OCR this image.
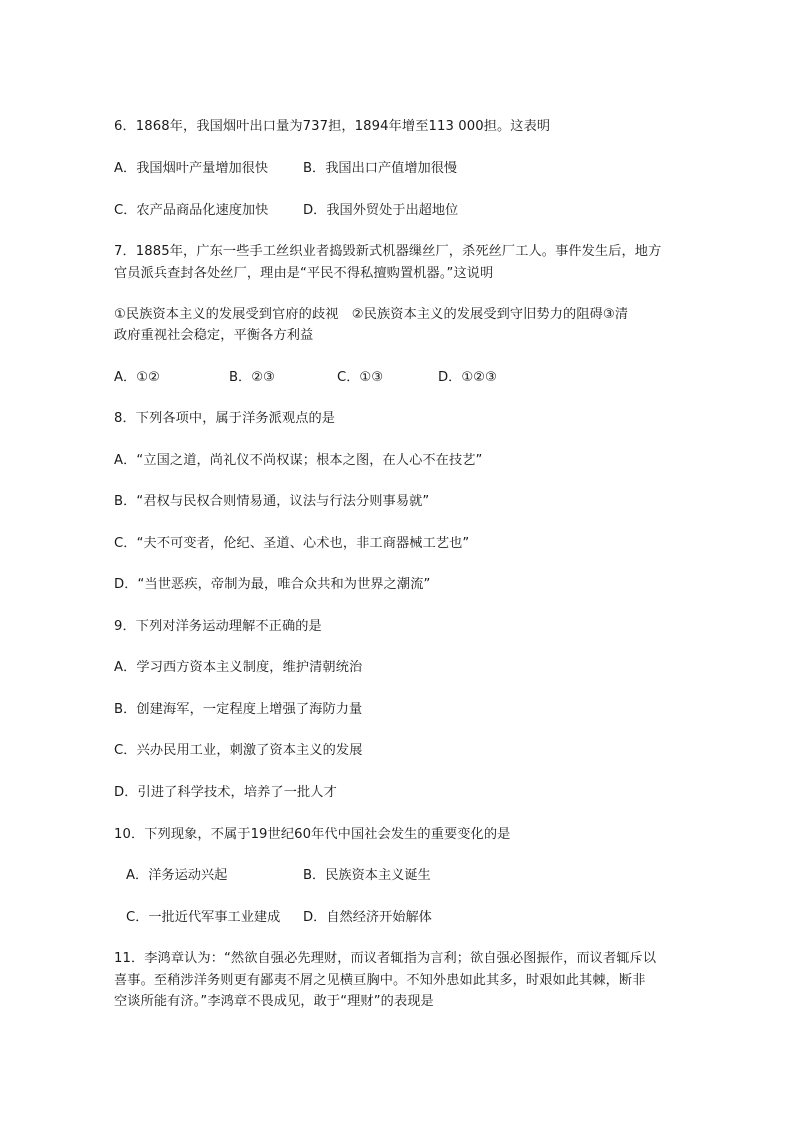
6．1868年，我国烟叶出口量为737担，1894年增至113 000担。这表明
A．我国烟叶产量增加很快	B．我国出口产值增加很慢
C．农产品商品化速度加快	D．我国外贸处于出超地位
7．1885年，广东一些手工丝织业者捣毁新式机器缫丝厂，杀死丝厂工人。事件发生后，地方
官员派兵查封各处丝厂，理由是“平民不得私擅购置机器。”这说明
①民族资本主义的发展受到官府的歧视　②民族资本主义的发展受到守旧势力的阻碍③清
政府重视社会稳定，平衡各方利益
A．①②	B．②③	C．①③	D．①②③
8．下列各项中，属于洋务派观点的是
A．“立国之道，尚礼仪不尚权谋；根本之图，在人心不在技艺”
B．“君权与民权合则情易通，议法与行法分则事易就”
C．“夫不可变者，伦纪、圣道、心术也，非工商器械工艺也”
D．“当世恶疾，帝制为最，唯合众共和为世界之潮流”
9．下列对洋务运动理解不正确的是
A．学习西方资本主义制度，维护清朝统治
B．创建海军，一定程度上增强了海防力量
C．兴办民用工业，刺激了资本主义的发展
D．引进了科学技术，培养了一批人才
10．下列现象，不属于19世纪60年代中国社会发生的重要变化的是
A．洋务运动兴起	B．民族资本主义诞生
C．一批近代军事工业建成 D．自然经济开始解体
11．李鸿章认为：“然欲自强必先理财，而议者辄指为言利；欲自强必图振作，而议者辄斥以
喜事。至稍涉洋务则更有鄙夷不屑之见横亘胸中。不知外患如此其多，时艰如此其棘，断非
空谈所能有济。”李鸿章不畏成见，敢于“理财”的表现是
